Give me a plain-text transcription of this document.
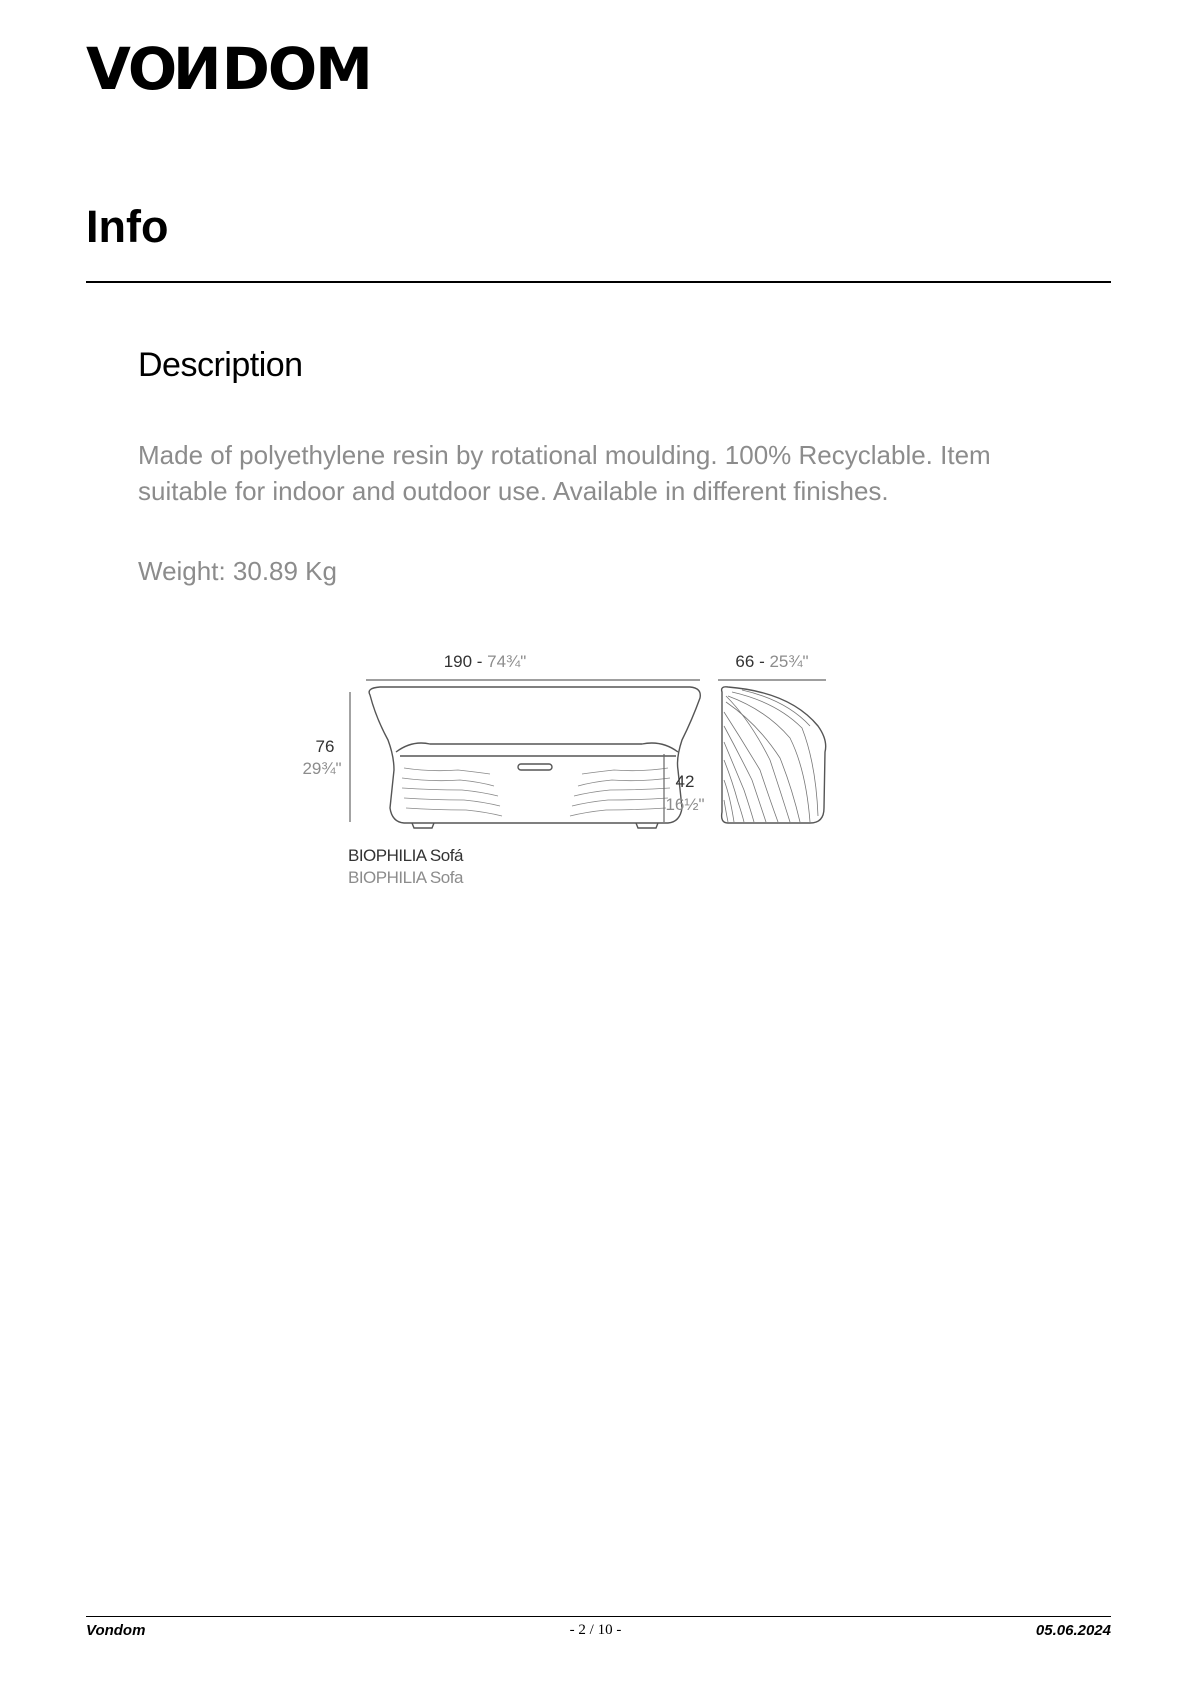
VONDOM
Info
Description

Made of polyethylene resin by rotational moulding. 100% Recyclable. Item suitable for indoor and outdoor use. Available in different finishes.

Weight: 30.89 Kg

190 - 74¾"
76
29¾"
42
16½"
66 - 25¾"
BIOPHILIA Sofá
BIOPHILIA Sofa
Vondom	- 2 / 10 -	05.06.2024
